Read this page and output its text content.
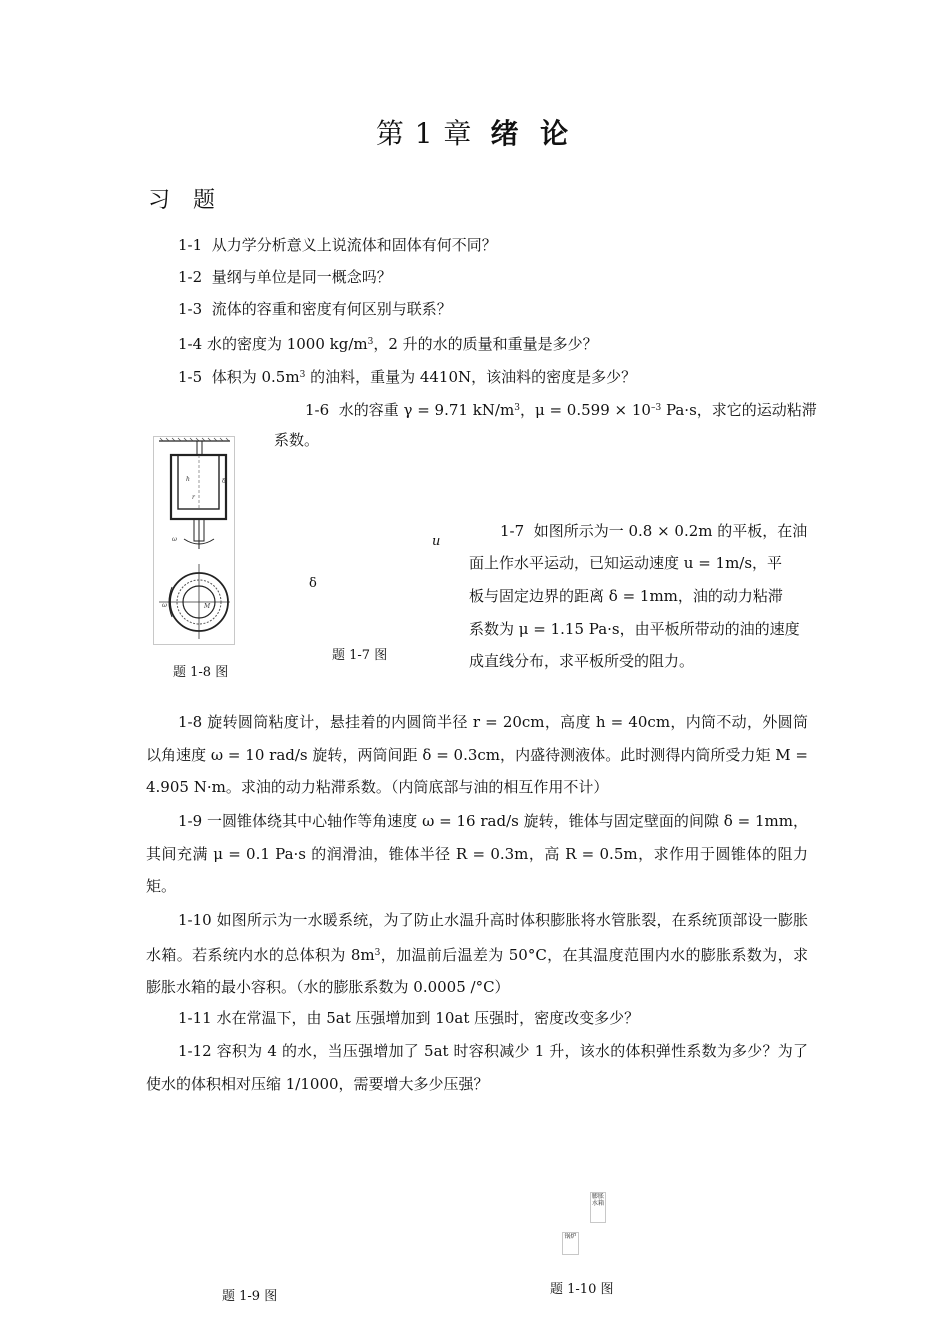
第 1 章 绪 论
习 题
1-1 从力学分析意义上说流体和固体有何不同？
1-2 量纲与单位是同一概念吗？
1-3 流体的容重和密度有何区别与联系？
1-4 水的密度为 1000 $kg/m^3$，2 升的水的质量和重量是多少？
1-5 体积为 $0.5m^3$ 的油料，重量为 4410N，该油料的密度是多少？
1-6 水的容重 γ = 9.71 $kN/m^3$，$\mu = 0.599 \times 10^{-3}$ Pa·s，求它的运动粘滞
系数。
h
r
δ
ω
M
ω
题 1-8 图
u
δ
题 1-7 图
1-7 如图所示为一 0.8 × 0.2m 的平板，在油
面上作水平运动，已知运动速度 u = 1m/s，平
板与固定边界的距离 δ = 1mm，油的动力粘滞
系数为 μ = 1.15 Pa·s，由平板所带动的油的速度
成直线分布，求平板所受的阻力。
1-8 旋转圆筒粘度计，悬挂着的内圆筒半径 r = 20cm，高度 h = 40cm，内筒不动，外圆筒以角速度 ω = 10 rad/s 旋转，两筒间距 δ = 0.3cm，内盛待测液体。此时测得内筒所受力矩 M = 4.905 N·m。求油的动力粘滞系数。（内筒底部与油的相互作用不计）
1-9 一圆锥体绕其中心轴作等角速度 ω = 16 rad/s 旋转，锥体与固定壁面的间隙 δ = 1mm，其间充满 μ = 0.1 Pa·s 的润滑油，锥体半径 R = 0.3m，高 R = 0.5m，求作用于圆锥体的阻力矩。
1-10 如图所示为一水暖系统，为了防止水温升高时体积膨胀将水管胀裂，在系统顶部设一膨胀水箱。若系统内水的总体积为 $8m^3$，加温前后温差为 50°C，在其温度范围内水的膨胀系数为，求膨胀水箱的最小容积。（水的膨胀系数为 0.0005 /°C）
1-11 水在常温下，由 5at 压强增加到 10at 压强时，密度改变多少？
1-12 容积为 4 的水，当压强增加了 5at 时容积减少 1 升，该水的体积弹性系数为多少？为了使水的体积相对压缩 1/1000，需要增大多少压强？
膨胀水箱
锅炉
题 1-9 图	题 1-10 图
